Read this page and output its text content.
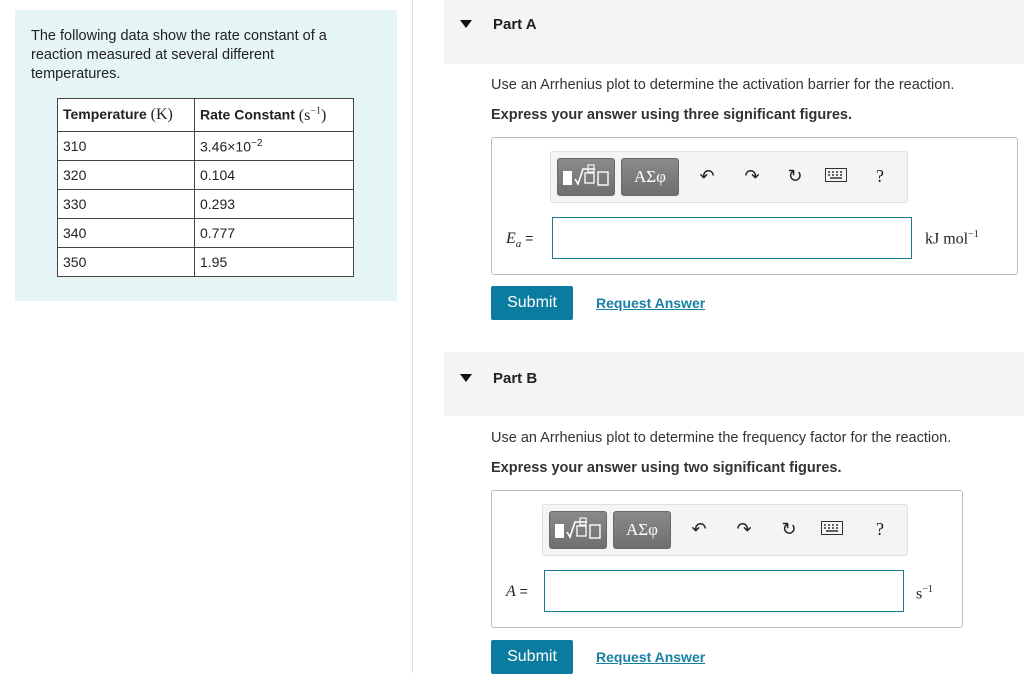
The following data show the rate constant of a reaction measured at several different temperatures.
Temperature (K)	Rate Constant $(s^{-1})$
310	$3.46\times 10^{-2}$
320	0.104
330	0.293
340	0.777
350	1.95
Part A
Use an Arrhenius plot to determine the activation barrier for the reaction.
Express your answer using three significant figures.
ΑΣφ	↶ ↷ ↻	?
$E_a$ =	kJ mol$^{-1}$
Submit	Request Answer
Part B
Use an Arrhenius plot to determine the frequency factor for the reaction.
Express your answer using two significant figures.
ΑΣφ	↶ ↷ ↻	?
A =	$s^{-1}$
Submit	Request Answer
